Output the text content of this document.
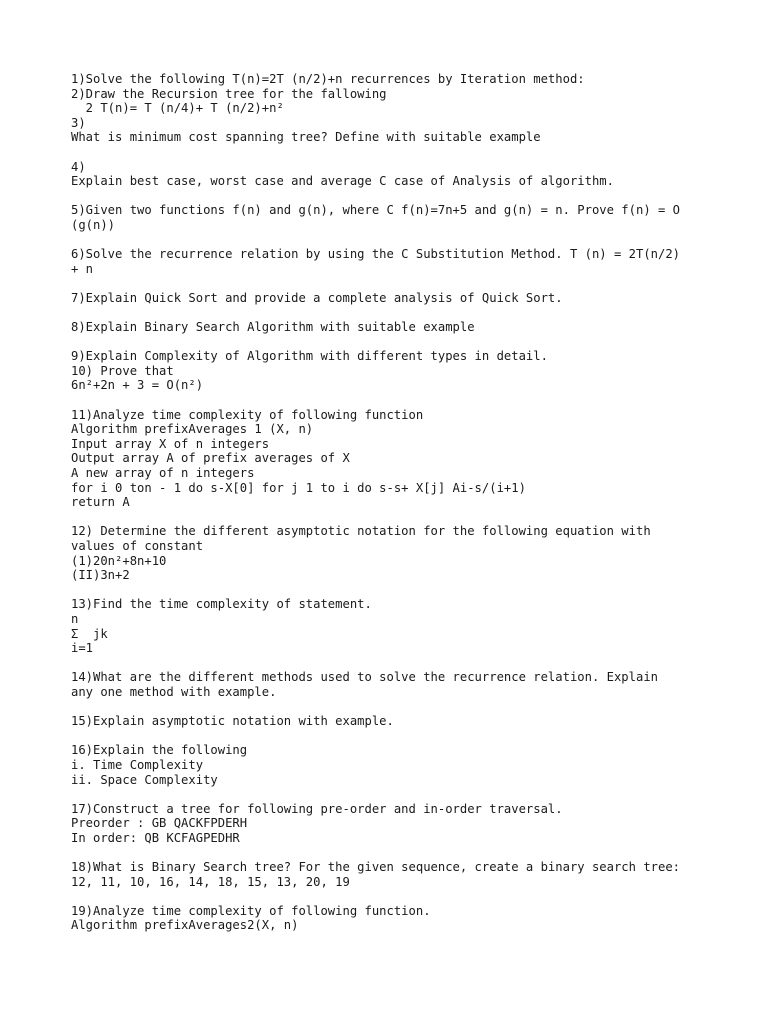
1)Solve the following T(n)=2T (n/2)+n recurrences by Iteration method:
2)Draw the Recursion tree for the fallowing
2 T(n)= T (n/4)+ T (n/2)+n²
3)
What is minimum cost spanning tree? Define with suitable example
4)
Explain best case, worst case and average C case of Analysis of algorithm.
5)Given two functions f(n) and g(n), where C f(n)=7n+5 and g(n) = n. Prove f(n) = O
(g(n))
6)Solve the recurrence relation by using the C Substitution Method. T (n) = 2T(n/2)
+ n
7)Explain Quick Sort and provide a complete analysis of Quick Sort.
8)Explain Binary Search Algorithm with suitable example
9)Explain Complexity of Algorithm with different types in detail.
10) Prove that
6n²+2n + 3 = O(n²)
11)Analyze time complexity of following function
Algorithm prefixAverages 1 (X, n)
Input array X of n integers
Output array A of prefix averages of X
A new array of n integers
for i 0 ton - 1 do s-X[0] for j 1 to i do s-s+ X[j] Ai-s/(i+1)
return A
12) Determine the different asymptotic notation for the following equation with
values of constant
(1)20n²+8n+10
(II)3n+2
13)Find the time complexity of statement.
n
Σ  jk
i=1
14)What are the different methods used to solve the recurrence relation. Explain
any one method with example.
15)Explain asymptotic notation with example.
16)Explain the following
i. Time Complexity
ii. Space Complexity
17)Construct a tree for following pre-order and in-order traversal.
Preorder : GB QACKFPDERH
In order: QB KCFAGPEDHR
18)What is Binary Search tree? For the given sequence, create a binary search tree:
12, 11, 10, 16, 14, 18, 15, 13, 20, 19
19)Analyze time complexity of following function.
Algorithm prefixAverages2(X, n)
